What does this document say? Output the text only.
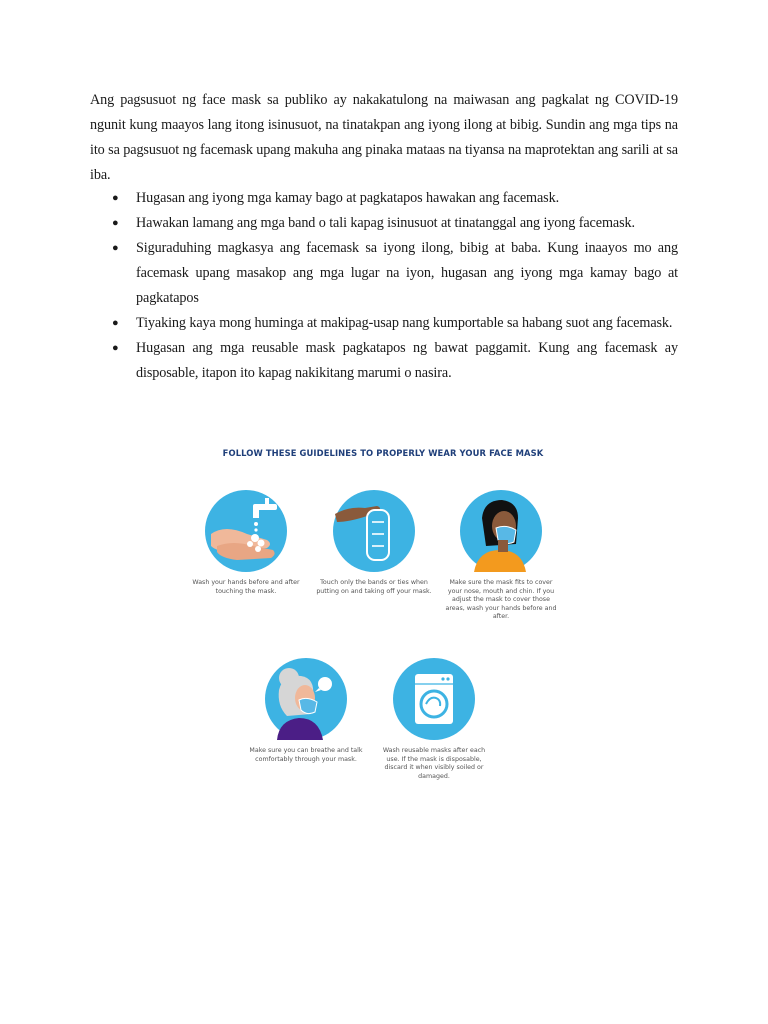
Ang pagsusuot ng face mask sa publiko ay nakakatulong na maiwasan ang pagkalat ng COVID-19 ngunit kung maayos lang itong isinusuot, na tinatakpan ang iyong ilong at bibig. Sundin ang mga tips na ito sa pagsusuot ng facemask upang makuha ang pinaka mataas na tiyansa na maprotektan ang sarili at sa iba.

● Hugasan ang iyong mga kamay bago at pagkatapos hawakan ang facemask.
● Hawakan lamang ang mga band o tali kapag isinusuot at tinatanggal ang iyong facemask.
● Siguraduhing magkasya ang facemask sa iyong ilong, bibig at baba. Kung inaayos mo ang facemask upang masakop ang mga lugar na iyon, hugasan ang iyong mga kamay bago at pagkatapos
● Tiyaking kaya mong huminga at makipag-usap nang kumportable sa habang suot ang facemask.
● Hugasan ang mga reusable mask pagkatapos ng bawat paggamit. Kung ang facemask ay disposable, itapon ito kapag nakikitang marumi o nasira.
FOLLOW THESE GUIDELINES TO PROPERLY WEAR YOUR FACE MASK
Wash your hands before and after touching the mask.
Touch only the bands or ties when putting on and taking off your mask.
Make sure the mask fits to cover your nose, mouth and chin. If you adjust the mask to cover those areas, wash your hands before and after.
Make sure you can breathe and talk comfortably through your mask.
Wash reusable masks after each use. If the mask is disposable, discard it when visibly soiled or damaged.
